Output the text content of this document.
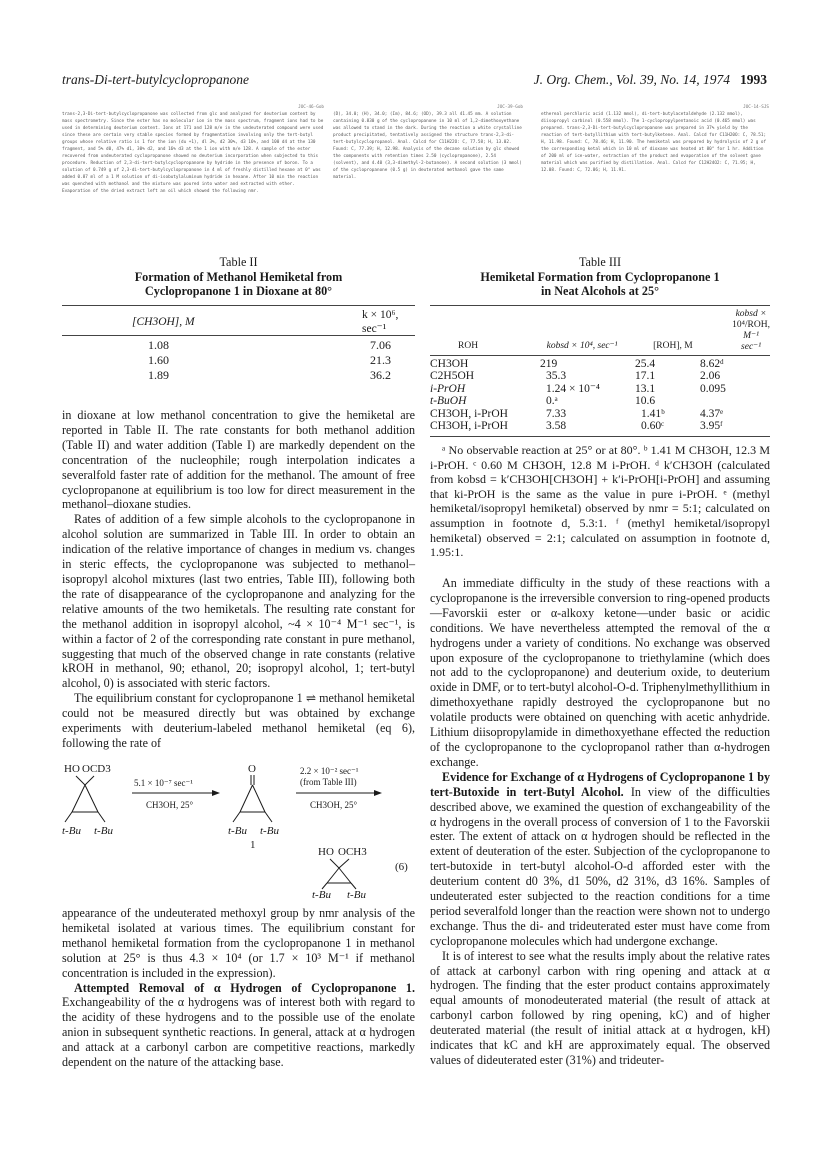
trans-Di-tert-butylcyclopropanone	J. Org. Chem., Vol. 39, No. 14, 1974 1993
JOC-46-Gob

trans-2,3-Di-tert-butylcyclopropanone was collected from glc and analyzed for deuterium content by mass spectrometry. Since the ester has no molecular ion in the mass spectrum, fragment ions had to be used in determining deuterium content. Ions at 171 and 128 m/e in the undeuterated compound were used since these are certain very stable species formed by fragmentation involving only the tert-butyl groups whose relative ratio is 1 for the ion (du +1), dl 3%, d2 30%, d3 16%, and 100 d4 at the 130 fragment, and 5% d0, 47% d1, 30% d2, and 16% d3 at the 1 ion with m/e 128. A sample of the ester recovered from undeuterated cyclopropanone showed no deuterium incorporation when subjected to this procedure. Reduction of 2,3-di-tert-butylcyclopropanone by hydride in the presence of boron. To a solution of 0.749 g of 2,3-di-tert-butylcyclopropanone in 4 ml of freshly distilled hexane at 0° was added 0.87 ml of a 1 M solution of di-isobutylaluminum hydride in hexane. After 10 min the reaction was quenched with methanol and the mixture was poured into water and extracted with ether. Evaporation of the dried extract left an oil which showed the following nmr.

JOC-39-Gob

(D), 34.0; (H), 34.0; (Im), 84.6; (OD), 39.3 all 41.45 mm. A solution containing 0.830 g of the cyclopropanone in 10 ml of 1,2-dimethoxyethane was allowed to stand in the dark. During the reaction a white crystalline product precipitated, tentatively assigned the structure trans-2,3-di-tert-butylcyclopropanol. Anal. Calcd for C11H22O: C, 77.58; H, 13.02. Found: C, 77.39; H, 12.98. Analysis of the decane solution by glc showed the components with retention times 2.50 (cyclopropanone), 2.54 (solvent), and 4.40 (3,3-dimethyl-2-butanone). A second solution (3 mmol) of the cyclopropanone (0.5 g) in deuterated methanol gave the same material.

JOC-14-SJS

ethereal perchloric acid (1.132 mmol), di-tert-butylacetaldehyde (2.132 mmol), diisopropyl carbinol (0.558 mmol). The 1-cyclopropylpentanoic acid (0.465 mmol) was prepared. trans-2,3-Di-tert-butylcyclopropanone was prepared in 37% yield by the reaction of tert-butyllithium with tert-butylketene. Anal. Calcd for C11H20O: C, 78.51; H, 11.98. Found: C, 78.46; H, 11.90. The hemiketal was prepared by hydrolysis of 2 g of the corresponding ketal which in 10 ml of dioxane was heated at 80° for 1 hr. Addition of 200 ml of ice-water, extraction of the product and evaporation of the solvent gave material which was purified by distillation. Anal. Calcd for C12H24O2: C, 71.95; H, 12.08. Found: C, 72.06; H, 11.91.

Table II
Formation of Methanol Hemiketal from
Cyclopropanone 1 in Dioxane at 80°
[CH3OH], M	k × 10⁶, sec⁻¹
1.08	7.06
1.60	21.3
1.89	36.2
Table III
Hemiketal Formation from Cyclopropanone 1
in Neat Alcohols at 25°
ROH	kobsd × 10⁴, sec⁻¹	[ROH], M	
kobsd ×
10⁴/ROH,
M⁻¹ sec⁻¹
CH3OH	219	25.4	8.62ᵈ
C2H5OH	35.3	17.1	2.06
i-PrOH	1.24 × 10⁻⁴	13.1	0.095
t-BuOH	0.ᵃ	10.6	
CH3OH, i-PrOH	7.33	1.41ᵇ	4.37ᵉ
CH3OH, i-PrOH	3.58	0.60ᶜ	3.95ᶠ

ᵃ No observable reaction at 25° or at 80°. ᵇ 1.41 M CH3OH, 12.3 M i-PrOH. ᶜ 0.60 M CH3OH, 12.8 M i-PrOH. ᵈ k′CH3OH (calculated from kobsd = k′CH3OH[CH3OH] + k′i-PrOH[i-PrOH] and assuming that ki-PrOH is the same as the value in pure i-PrOH. ᵉ (methyl hemiketal/isopropyl hemiketal) observed by nmr = 5:1; calculated on assumption in footnote d, 5.3:1. ᶠ (methyl hemiketal/isopropyl hemiketal) observed = 2:1; calculated on assumption in footnote d, 1.95:1.

in dioxane at low methanol concentration to give the hemiketal are reported in Table II. The rate constants for both methanol addition (Table II) and water addition (Table I) are markedly dependent on the concentration of the nucleophile; rough interpolation indicates a severalfold faster rate of addition for the methanol. The amount of free cyclopropanone at equilibrium is too low for direct measurement in the methanol–dioxane studies.

Rates of addition of a few simple alcohols to the cyclopropanone in alcohol solution are summarized in Table III. In order to obtain an indication of the relative importance of changes in medium vs. changes in steric effects, the cyclopropanone was subjected to methanol–isopropyl alcohol mixtures (last two entries, Table III), following both the rate of disappearance of the cyclopropanone and analyzing for the relative amounts of the two hemiketals. The resulting rate constant for the methanol addition in isopropyl alcohol, ~4 × 10⁻⁴ M⁻¹ sec⁻¹, is within a factor of 2 of the corresponding rate constant in pure methanol, suggesting that much of the observed change in rate constants (relative kROH in methanol, 90; ethanol, 20; isopropyl alcohol, 1; tert-butyl alcohol, 0) is associated with steric factors.

The equilibrium constant for cyclopropanone 1 ⇌ methanol hemiketal could not be measured directly but was obtained by exchange experiments with deuterium-labeled methanol hemiketal (eq 6), following the rate of

HO OCD3
t-Bu t-Bu
5.1 × 10⁻⁷ sec⁻¹
CH3OH, 25°
O
t-Bu t-Bu
1
2.2 × 10⁻² sec⁻¹
(from Table III)
CH3OH, 25°
HO OCH3
t-Bu t-Bu
(6)

appearance of the undeuterated methoxyl group by nmr analysis of the hemiketal isolated at various times. The equilibrium constant for methanol hemiketal formation from the cyclopropanone 1 in methanol solution at 25° is thus 4.3 × 10⁴ (or 1.7 × 10³ M⁻¹ if methanol concentration is included in the expression).

Attempted Removal of α Hydrogen of Cyclopropanone 1. Exchangeability of the α hydrogens was of interest both with regard to the acidity of these hydrogens and to the possible use of the enolate anion in subsequent synthetic reactions. In general, attack at α hydrogen and attack at a carbonyl carbon are competitive reactions, markedly dependent on the nature of the attacking base.

An immediate difficulty in the study of these reactions with a cyclopropanone is the irreversible conversion to ring-opened products—Favorskii ester or α-alkoxy ketone—under basic or acidic conditions. We have nevertheless attempted the removal of the α hydrogens under a variety of conditions. No exchange was observed upon exposure of the cyclopropanone to triethylamine (which does not add to the cyclopropanone) and deuterium oxide, to deuterium oxide in DMF, or to tert-butyl alcohol-O-d. Triphenylmethyllithium in dimethoxyethane rapidly destroyed the cyclopropanone but no volatile products were obtained on quenching with acetic anhydride. Lithium diisopropylamide in dimethoxyethane effected the reduction of the cyclopropanone to the cyclopropanol rather than α-hydrogen exchange.

Evidence for Exchange of α Hydrogens of Cyclopropanone 1 by tert-Butoxide in tert-Butyl Alcohol. In view of the difficulties described above, we examined the question of exchangeability of the α hydrogens in the overall process of conversion of 1 to the Favorskii ester. The extent of attack on α hydrogen should be reflected in the extent of deuteration of the ester. Subjection of the cyclopropanone to tert-butoxide in tert-butyl alcohol-O-d afforded ester with the deuterium content d0 3%, d1 50%, d2 31%, d3 16%. Samples of undeuterated ester subjected to the reaction conditions for a time period severalfold longer than the reaction were shown not to undergo exchange. Thus the di- and trideuterated ester must have come from cyclopropanone molecules which had undergone exchange.

It is of interest to see what the results imply about the relative rates of attack at carbonyl carbon with ring opening and attack at α hydrogen. The finding that the ester product contains approximately equal amounts of monodeuterated material (the result of attack at carbonyl carbon followed by ring opening, kC) and of higher deuterated material (the result of initial attack at α hydrogen, kH) indicates that kC and kH are approximately equal. The observed values of dideuterated ester (31%) and trideuter-
